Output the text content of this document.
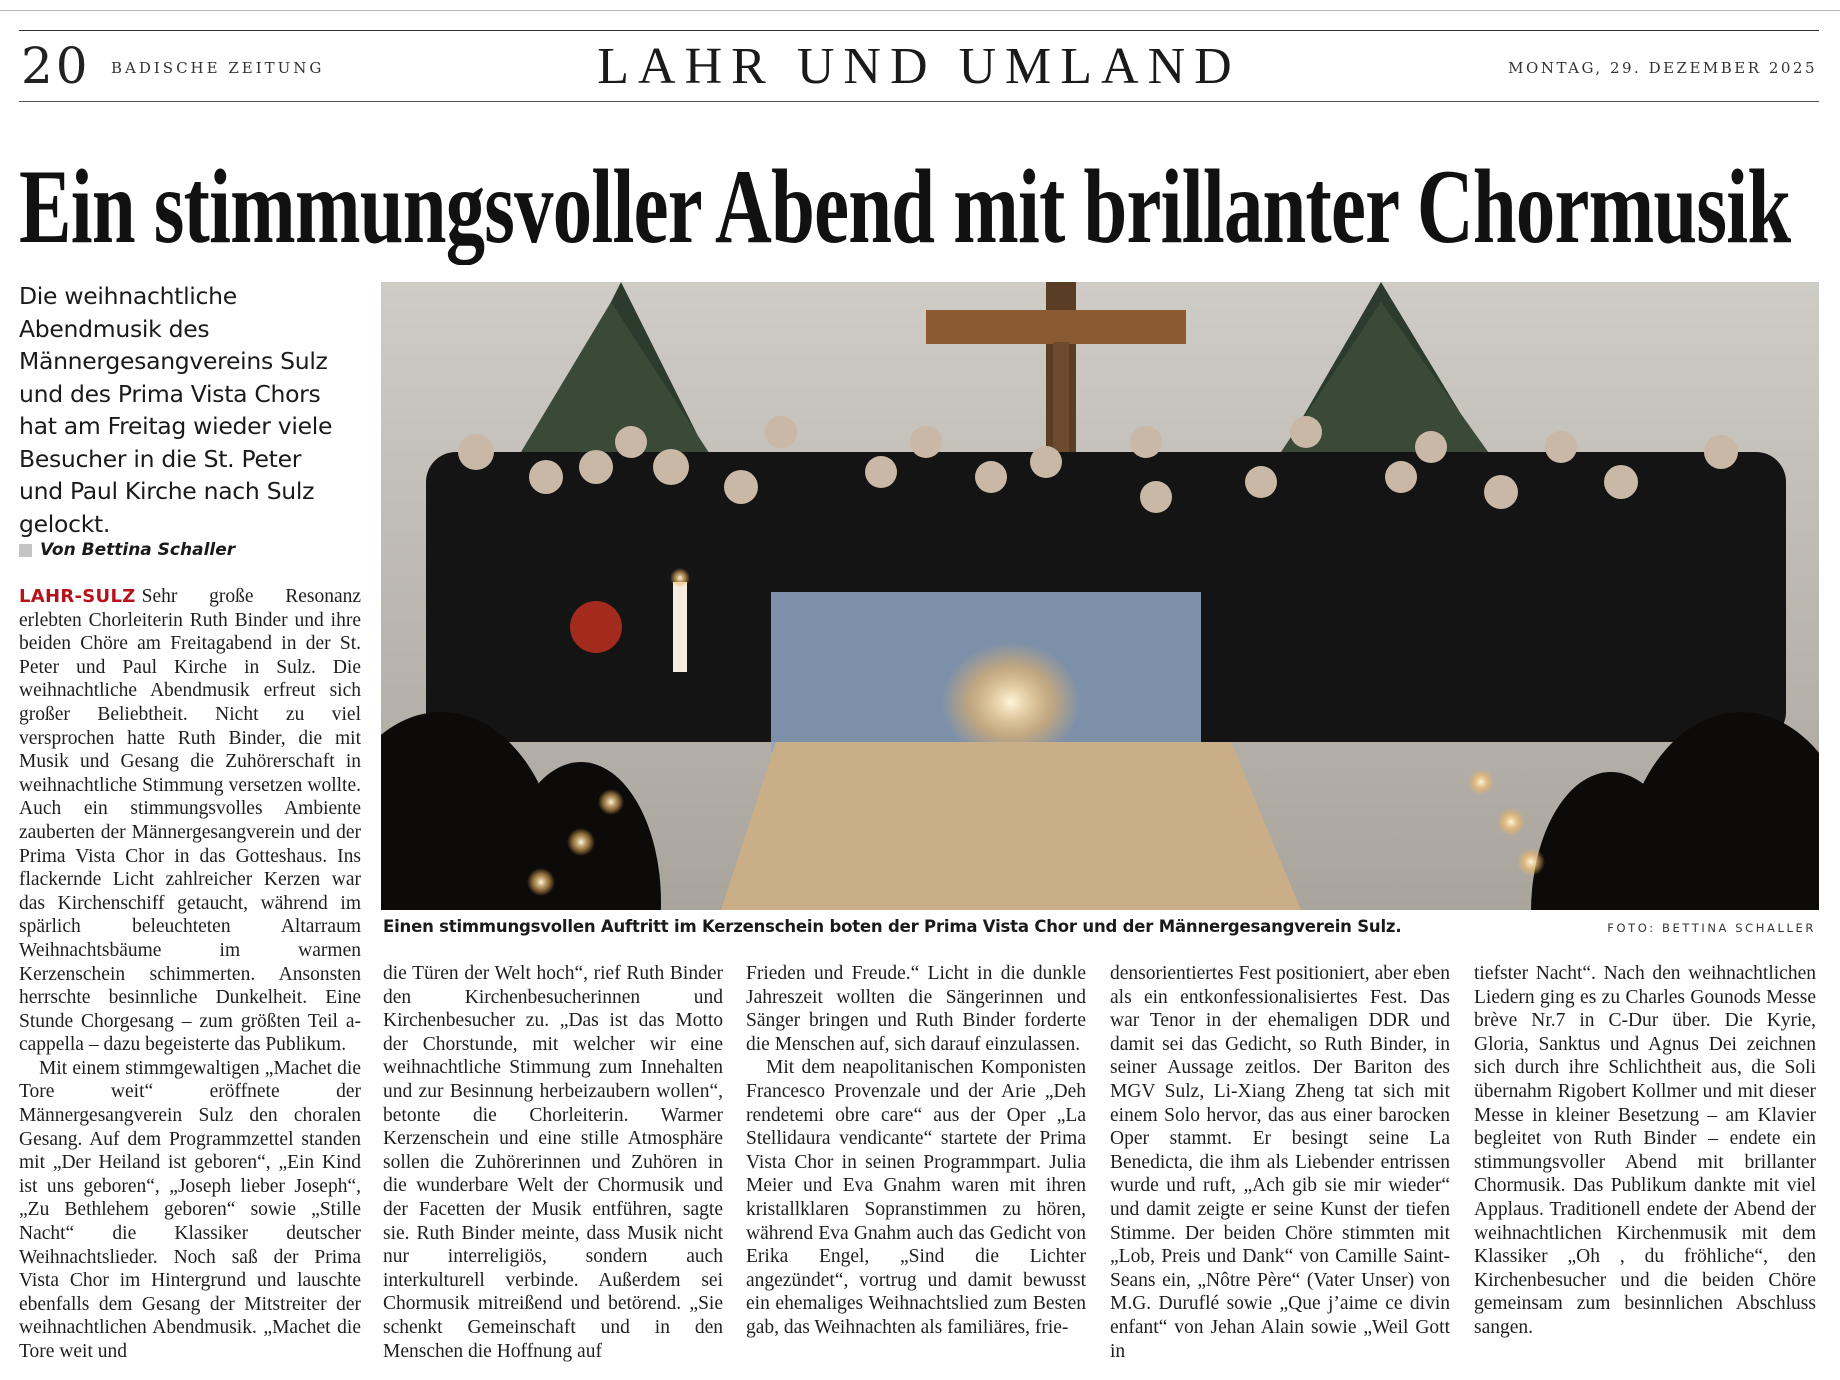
20 BADISCHE ZEITUNG	LAHR UND UMLAND	MONTAG, 29. DEZEMBER 2025
Ein stimmungsvoller Abend mit brillanter Chormusik
Die weihnachtliche Abendmusik des Männergesangvereins Sulz und des Prima Vista Chors hat am Freitag wieder viele Besucher in die St. Peter und Paul Kirche nach Sulz gelockt.
Von Bettina Schaller
Einen stimmungsvollen Auftritt im Kerzenschein boten der Prima Vista Chor und der Männergesangverein Sulz.	FOTO: BETTINA SCHALLER

LAHR-SULZ Sehr große Resonanz erlebten Chorleiterin Ruth Binder und ihre beiden Chöre am Freitagabend in der St. Peter und Paul Kirche in Sulz. Die weihnachtliche Abendmusik erfreut sich großer Beliebtheit. Nicht zu viel versprochen hatte Ruth Binder, die mit Musik und Gesang die Zuhörerschaft in weihnachtliche Stimmung versetzen wollte. Auch ein stimmungsvolles Ambiente zauberten der Männergesangverein und der Prima Vista Chor in das Gotteshaus. Ins flackernde Licht zahlreicher Kerzen war das Kirchenschiff getaucht, während im spärlich beleuchteten Altarraum Weihnachtsbäume im warmen Kerzenschein schimmerten. Ansonsten herrschte besinnliche Dunkelheit. Eine Stunde Chorgesang – zum größten Teil a-cappella – dazu begeisterte das Publikum.

Mit einem stimmgewaltigen „Machet die Tore weit“ eröffnete der Männergesangverein Sulz den choralen Gesang. Auf dem Programmzettel standen mit „Der Heiland ist geboren“, „Ein Kind ist uns geboren“, „Joseph lieber Joseph“, „Zu Bethlehem geboren“ sowie „Stille Nacht“ die Klassiker deutscher Weihnachtslieder. Noch saß der Prima Vista Chor im Hintergrund und lauschte ebenfalls dem Gesang der Mitstreiter der weihnachtlichen Abendmusik. „Machet die Tore weit und

die Türen der Welt hoch“, rief Ruth Binder den Kirchenbesucherinnen und Kirchenbesucher zu. „Das ist das Motto der Chorstunde, mit welcher wir eine weihnachtliche Stimmung zum Innehalten und zur Besinnung herbeizaubern wollen“, betonte die Chorleiterin. Warmer Kerzenschein und eine stille Atmosphäre sollen die Zuhörerinnen und Zuhören in die wunderbare Welt der Chormusik und der Facetten der Musik entführen, sagte sie. Ruth Binder meinte, dass Musik nicht nur interreligiös, sondern auch interkulturell verbinde. Außerdem sei Chormusik mitreißend und betörend. „Sie schenkt Gemeinschaft und in den Menschen die Hoffnung auf

Frieden und Freude.“ Licht in die dunkle Jahreszeit wollten die Sängerinnen und Sänger bringen und Ruth Binder forderte die Menschen auf, sich darauf einzulassen.

Mit dem neapolitanischen Komponisten Francesco Provenzale und der Arie „Deh rendetemi obre care“ aus der Oper „La Stellidaura vendicante“ startete der Prima Vista Chor in seinen Programmpart. Julia Meier und Eva Gnahm waren mit ihren kristallklaren Sopranstimmen zu hören, während Eva Gnahm auch das Gedicht von Erika Engel, „Sind die Lichter angezündet“, vortrug und damit bewusst ein ehemaliges Weihnachtslied zum Besten gab, das Weihnachten als familiäres, frie-

densorientiertes Fest positioniert, aber eben als ein entkonfessionalisiertes Fest. Das war Tenor in der ehemaligen DDR und damit sei das Gedicht, so Ruth Binder, in seiner Aussage zeitlos. Der Bariton des MGV Sulz, Li-Xiang Zheng tat sich mit einem Solo hervor, das aus einer barocken Oper stammt. Er besingt seine La Benedicta, die ihm als Liebender entrissen wurde und ruft, „Ach gib sie mir wieder“ und damit zeigte er seine Kunst der tiefen Stimme. Der beiden Chöre stimmten mit „Lob, Preis und Dank“ von Camille Saint-Seans ein, „Nôtre Père“ (Vater Unser) von M.G. Duruflé sowie „Que j’aime ce divin enfant“ von Jehan Alain sowie „Weil Gott in

tiefster Nacht“. Nach den weihnachtlichen Liedern ging es zu Charles Gounods Messe brève Nr.7 in C-Dur über. Die Kyrie, Gloria, Sanktus und Agnus Dei zeichnen sich durch ihre Schlichtheit aus, die Soli übernahm Rigobert Kollmer und mit dieser Messe in kleiner Besetzung – am Klavier begleitet von Ruth Binder – endete ein stimmungsvoller Abend mit brillanter Chormusik. Das Publikum dankte mit viel Applaus. Traditionell endete der Abend der weihnachtlichen Kirchenmusik mit dem Klassiker „Oh , du fröhliche“, den Kirchenbesucher und die beiden Chöre gemeinsam zum besinnlichen Abschluss sangen.
